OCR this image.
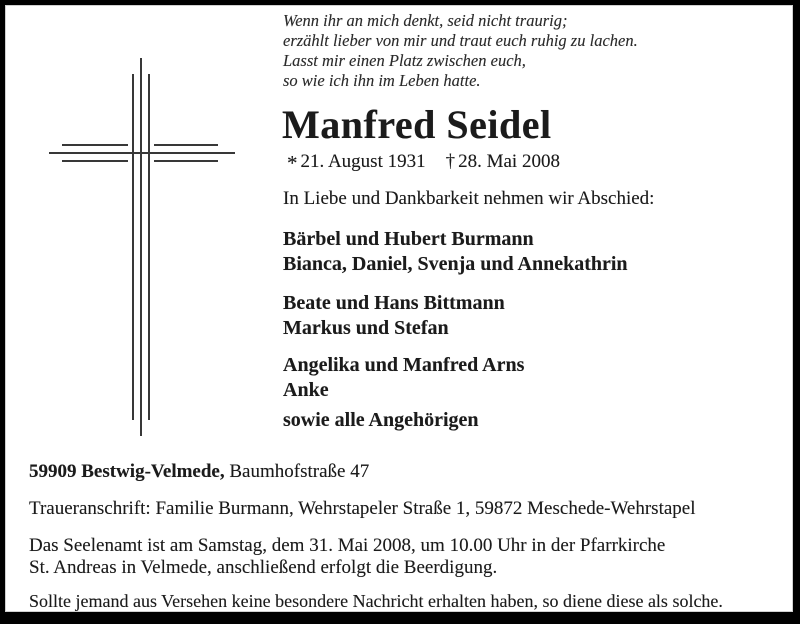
Wenn ihr an mich denkt, seid nicht traurig;
erzählt lieber von mir und traut euch ruhig zu lachen.
Lasst mir einen Platz zwischen euch,
so wie ich ihn im Leben hatte.
Manfred Seidel
* 21. August 1931 † 28. Mai 2008
In Liebe und Dankbarkeit nehmen wir Abschied:
Bärbel und Hubert Burmann
Bianca, Daniel, Svenja und Annekathrin
Beate und Hans Bittmann
Markus und Stefan
Angelika und Manfred Arns
Anke
sowie alle Angehörigen
59909 Bestwig-Velmede, Baumhofstraße 47
Traueranschrift: Familie Burmann, Wehrstapeler Straße 1, 59872 Meschede-Wehrstapel
Das Seelenamt ist am Samstag, dem 31. Mai 2008, um 10.00 Uhr in der Pfarrkirche
St. Andreas in Velmede, anschließend erfolgt die Beerdigung.
Sollte jemand aus Versehen keine besondere Nachricht erhalten haben, so diene diese als solche.
